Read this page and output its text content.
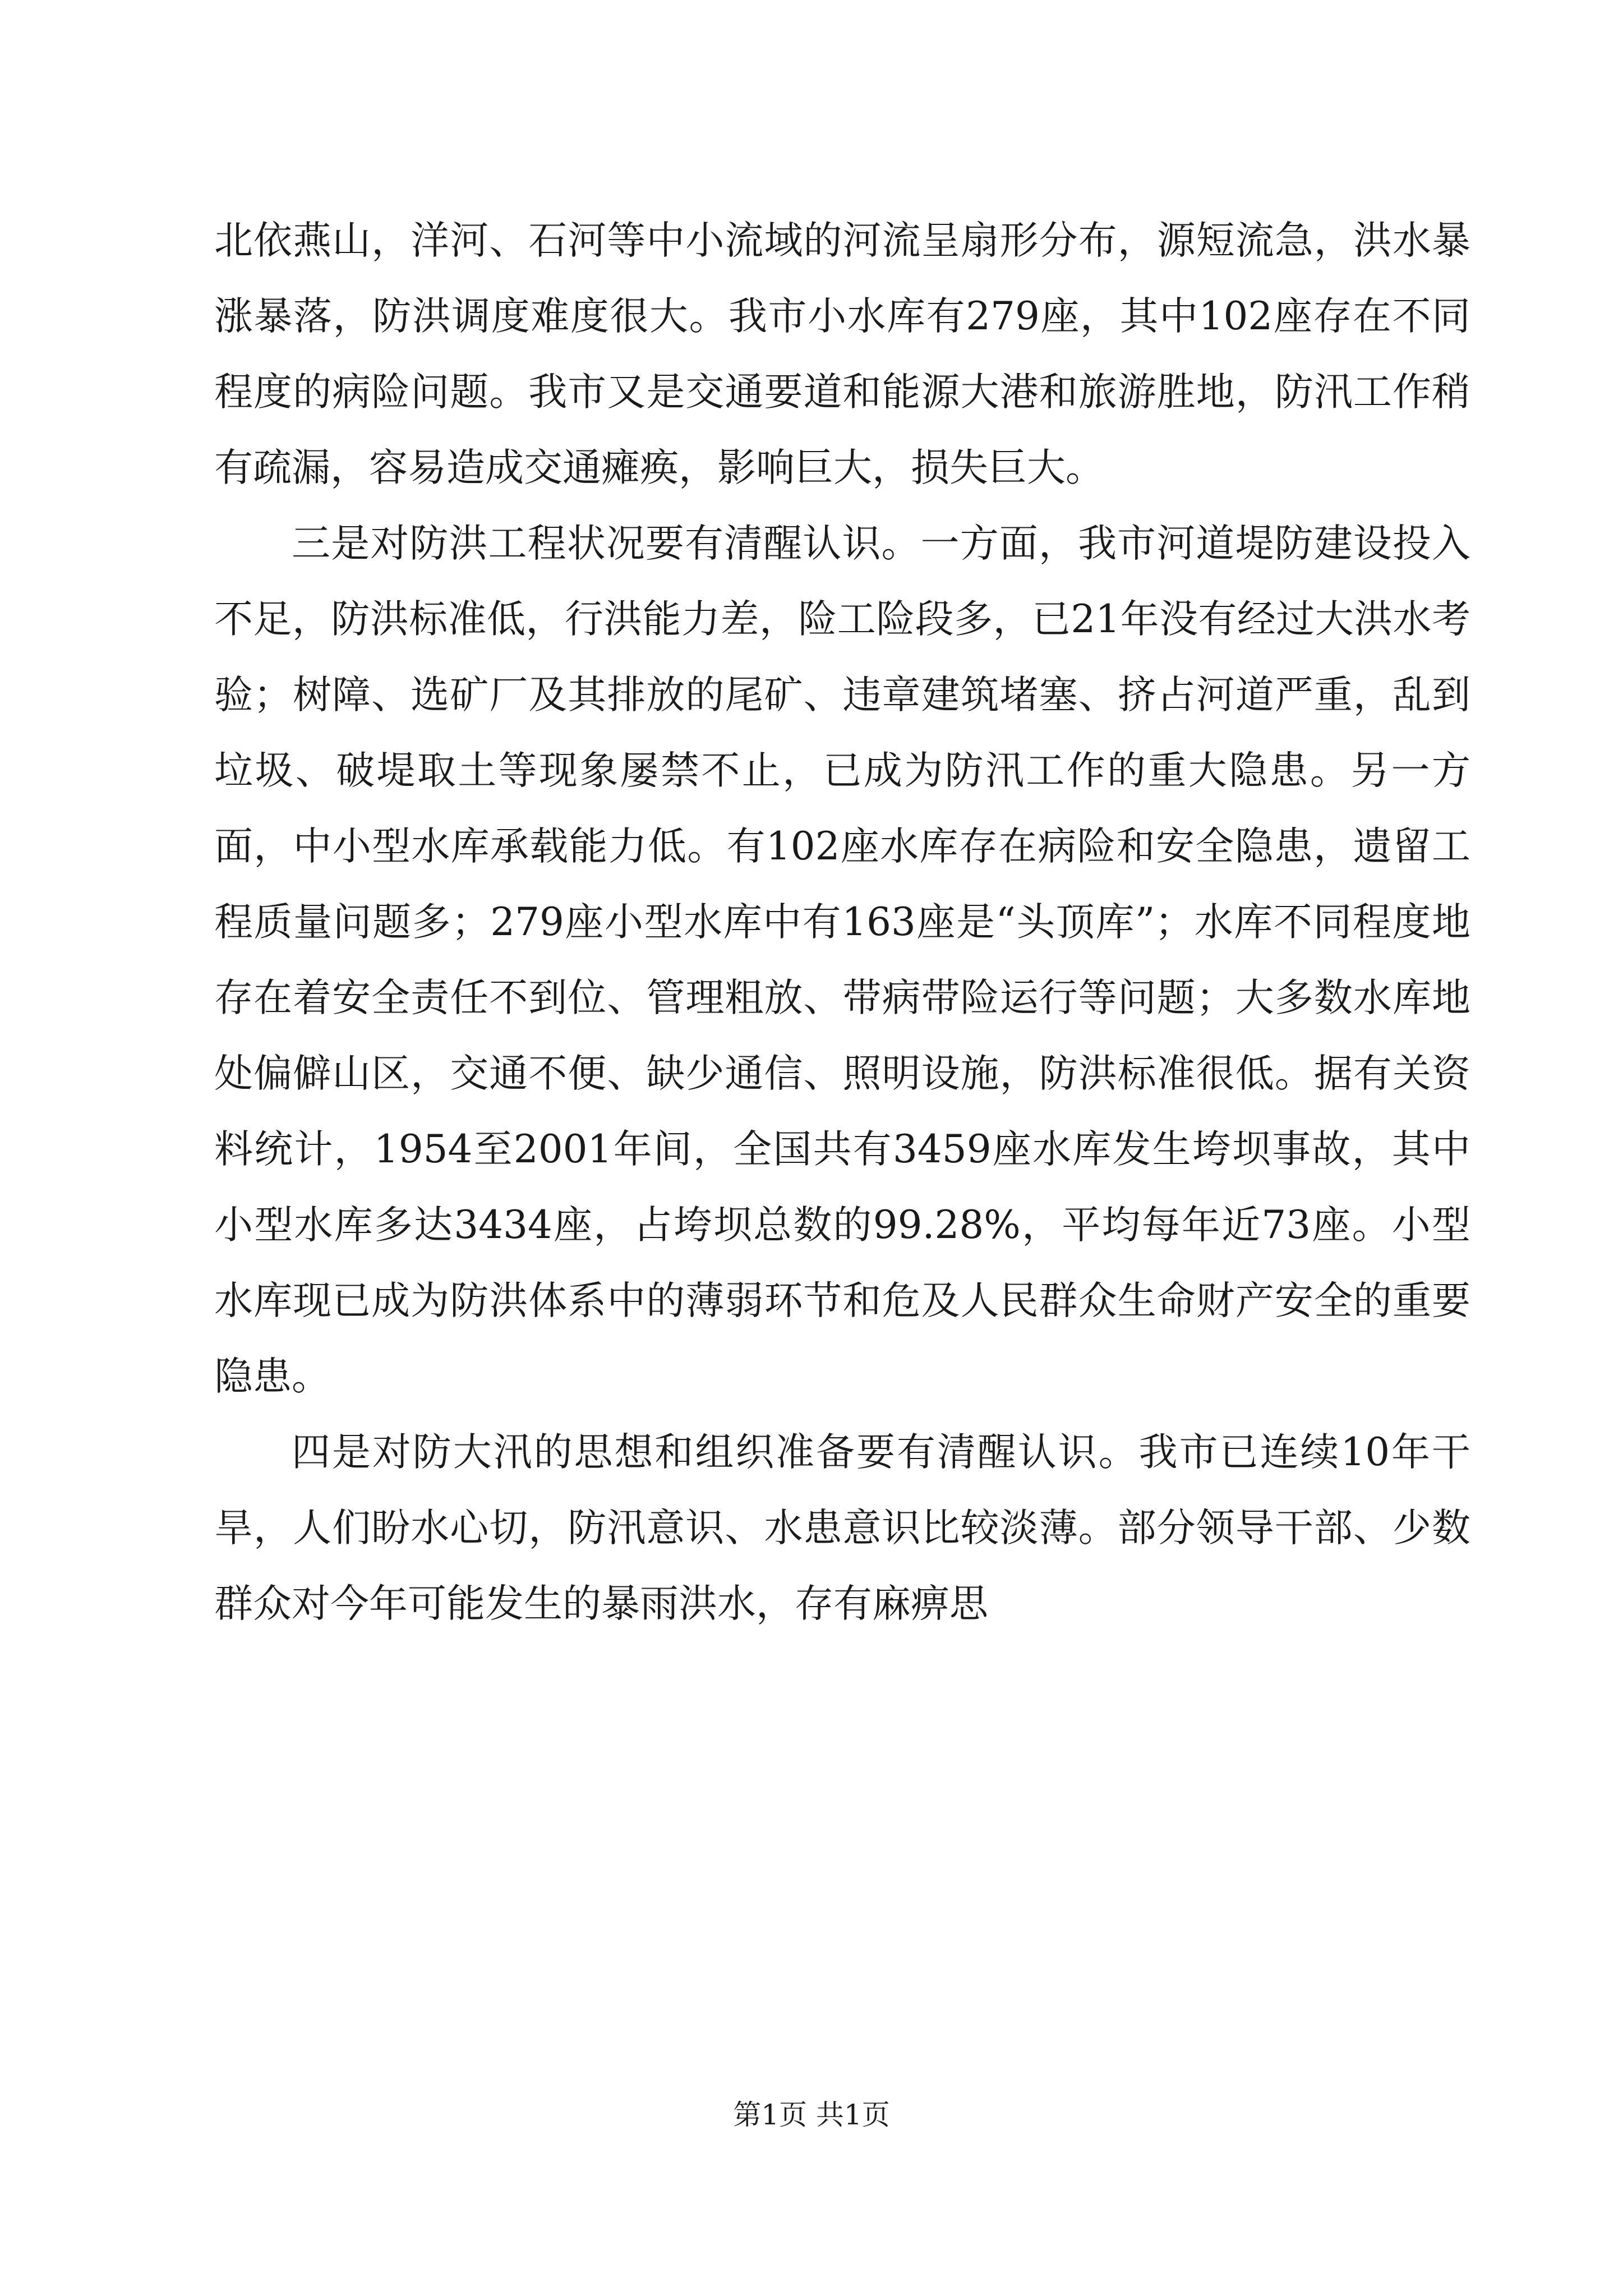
北依燕山，洋河、石河等中小流域的河流呈扇形分布，源短流急，洪水暴涨暴落，防洪调度难度很大。我市小水库有279座，其中102座存在不同程度的病险问题。我市又是交通要道和能源大港和旅游胜地，防汛工作稍有疏漏，容易造成交通瘫痪，影响巨大，损失巨大。

三是对防洪工程状况要有清醒认识。一方面，我市河道堤防建设投入不足，防洪标准低，行洪能力差，险工险段多，已21年没有经过大洪水考验；树障、选矿厂及其排放的尾矿、违章建筑堵塞、挤占河道严重，乱到垃圾、破堤取土等现象屡禁不止，已成为防汛工作的重大隐患。另一方面，中小型水库承载能力低。有102座水库存在病险和安全隐患，遗留工程质量问题多；279座小型水库中有163座是“头顶库”；水库不同程度地存在着安全责任不到位、管理粗放、带病带险运行等问题；大多数水库地处偏僻山区，交通不便、缺少通信、照明设施，防洪标准很低。据有关资料统计，1954至2001年间，全国共有3459座水库发生垮坝事故，其中小型水库多达3434座，占垮坝总数的99.28%，平均每年近73座。小型水库现已成为防洪体系中的薄弱环节和危及人民群众生命财产安全的重要隐患。

四是对防大汛的思想和组织准备要有清醒认识。我市已连续10年干旱，人们盼水心切，防汛意识、水患意识比较淡薄。部分领导干部、少数群众对今年可能发生的暴雨洪水，存有麻痹思

第1页 共1页
